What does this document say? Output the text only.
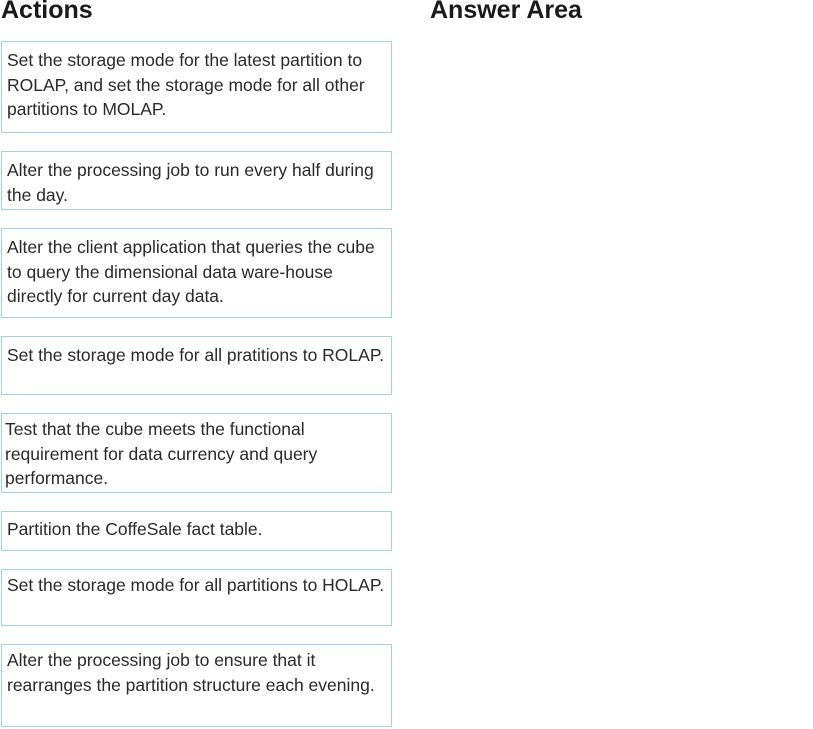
Actions	Answer Area
Set the storage mode for the latest partition to ROLAP, and set the storage mode for all other partitions to MOLAP.
Alter the processing job to run every half during the day.
Alter the client application that queries the cube to query the dimensional data ware-house directly for current day data.
Set the storage mode for all pratitions to ROLAP.
Test that the cube meets the functional requirement for data currency and query performance.
Partition the CoffeSale fact table.
Set the storage mode for all partitions to HOLAP.
Alter the processing job to ensure that it rearranges the partition structure each evening.
